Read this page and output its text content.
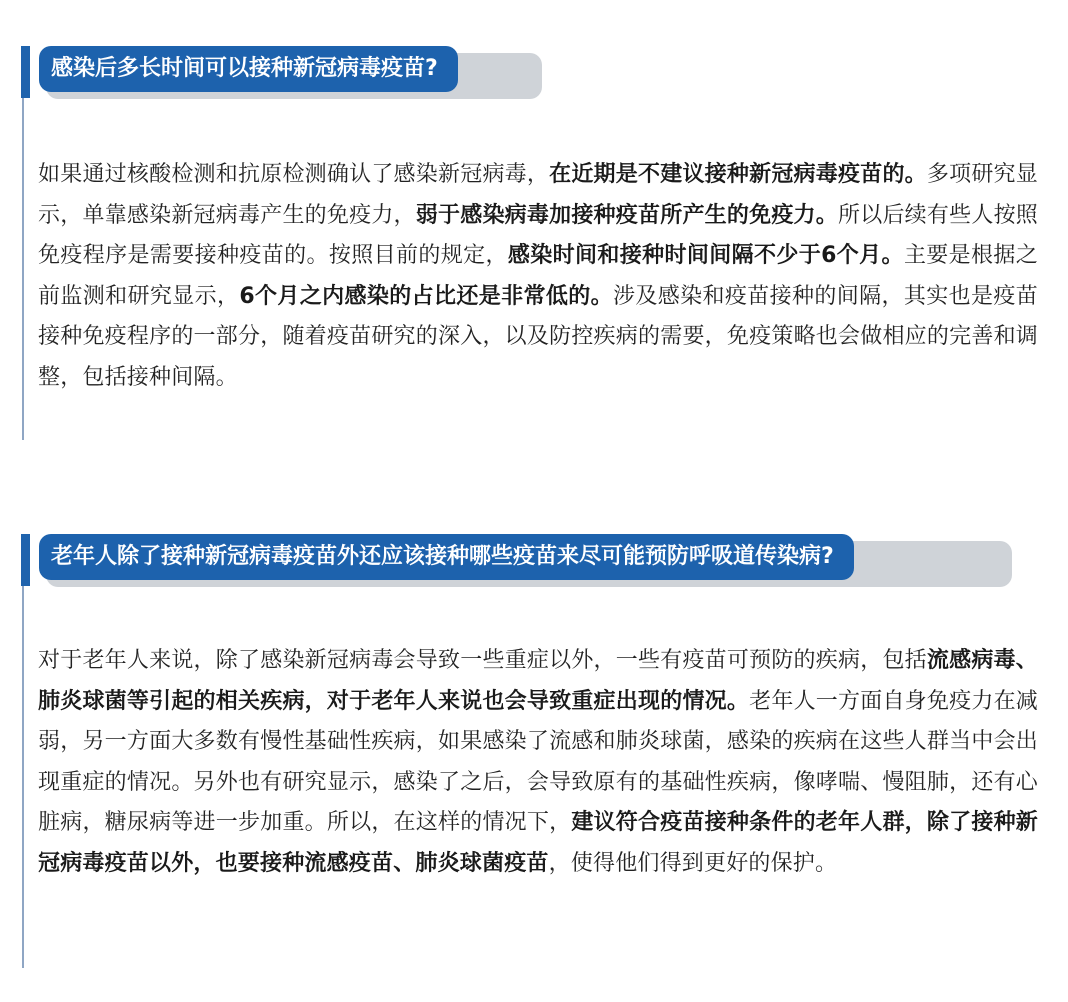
感染后多长时间可以接种新冠病毒疫苗?
如果通过核酸检测和抗原检测确认了感染新冠病毒，在近期是不建议接种新冠病毒疫苗的。多项研究显示，单靠感染新冠病毒产生的免疫力，弱于感染病毒加接种疫苗所产生的免疫力。所以后续有些人按照免疫程序是需要接种疫苗的。按照目前的规定，感染时间和接种时间间隔不少于6个月。主要是根据之前监测和研究显示，6个月之内感染的占比还是非常低的。涉及感染和疫苗接种的间隔，其实也是疫苗接种免疫程序的一部分，随着疫苗研究的深入，以及防控疾病的需要，免疫策略也会做相应的完善和调整，包括接种间隔。
老年人除了接种新冠病毒疫苗外还应该接种哪些疫苗来尽可能预防呼吸道传染病?
对于老年人来说，除了感染新冠病毒会导致一些重症以外，一些有疫苗可预防的疾病，包括流感病毒、肺炎球菌等引起的相关疾病，对于老年人来说也会导致重症出现的情况。老年人一方面自身免疫力在减弱，另一方面大多数有慢性基础性疾病，如果感染了流感和肺炎球菌，感染的疾病在这些人群当中会出现重症的情况。另外也有研究显示，感染了之后，会导致原有的基础性疾病，像哮喘、慢阻肺，还有心脏病，糖尿病等进一步加重。所以，在这样的情况下，建议符合疫苗接种条件的老年人群，除了接种新冠病毒疫苗以外，也要接种流感疫苗、肺炎球菌疫苗，使得他们得到更好的保护。
